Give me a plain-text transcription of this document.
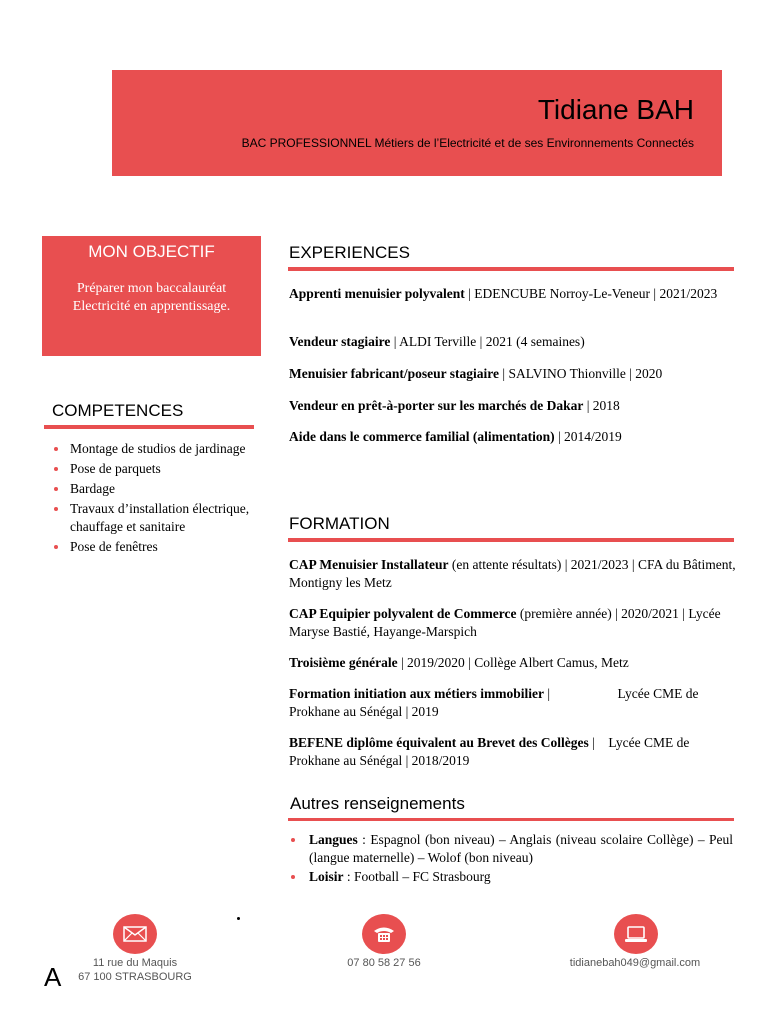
Tidiane BAH
BAC PROFESSIONNEL Métiers de l’Electricité et de ses Environnements Connectés
MON OBJECTIF
Préparer mon baccalauréat Electricité en apprentissage.
COMPETENCES
Montage de studios de jardinage
Pose de parquets
Bardage
Travaux d’installation électrique, chauffage et sanitaire
Pose de fenêtres
EXPERIENCES
Apprenti menuisier polyvalent | EDENCUBE Norroy-Le-Veneur | 2021/2023
Vendeur stagiaire | ALDI Terville | 2021 (4 semaines)
Menuisier fabricant/poseur stagiaire | SALVINO Thionville | 2020
Vendeur en prêt-à-porter sur les marchés de Dakar | 2018
Aide dans le commerce familial (alimentation) | 2014/2019
FORMATION
CAP Menuisier Installateur (en attente résultats) | 2021/2023 | CFA du Bâtiment, Montigny les Metz
CAP Equipier polyvalent de Commerce (première année) | 2020/2021 | Lycée Maryse Bastié, Hayange-Marspich
Troisième générale | 2019/2020 | Collège Albert Camus, Metz
Formation initiation aux métiers immobilier |                    Lycée CME de Prokhane au Sénégal | 2019
BEFENE diplôme équivalent au Brevet des Collèges |    Lycée CME de Prokhane au Sénégal | 2018/2019
Autres renseignements
Langues : Espagnol (bon niveau) – Anglais (niveau scolaire Collège) – Peul (langue maternelle) – Wolof (bon niveau)
Loisir : Football – FC Strasbourg
11 rue du Maquis
67 100 STRASBOURG
07 80 58 27 56	tidianebah049@gmail.com
A
